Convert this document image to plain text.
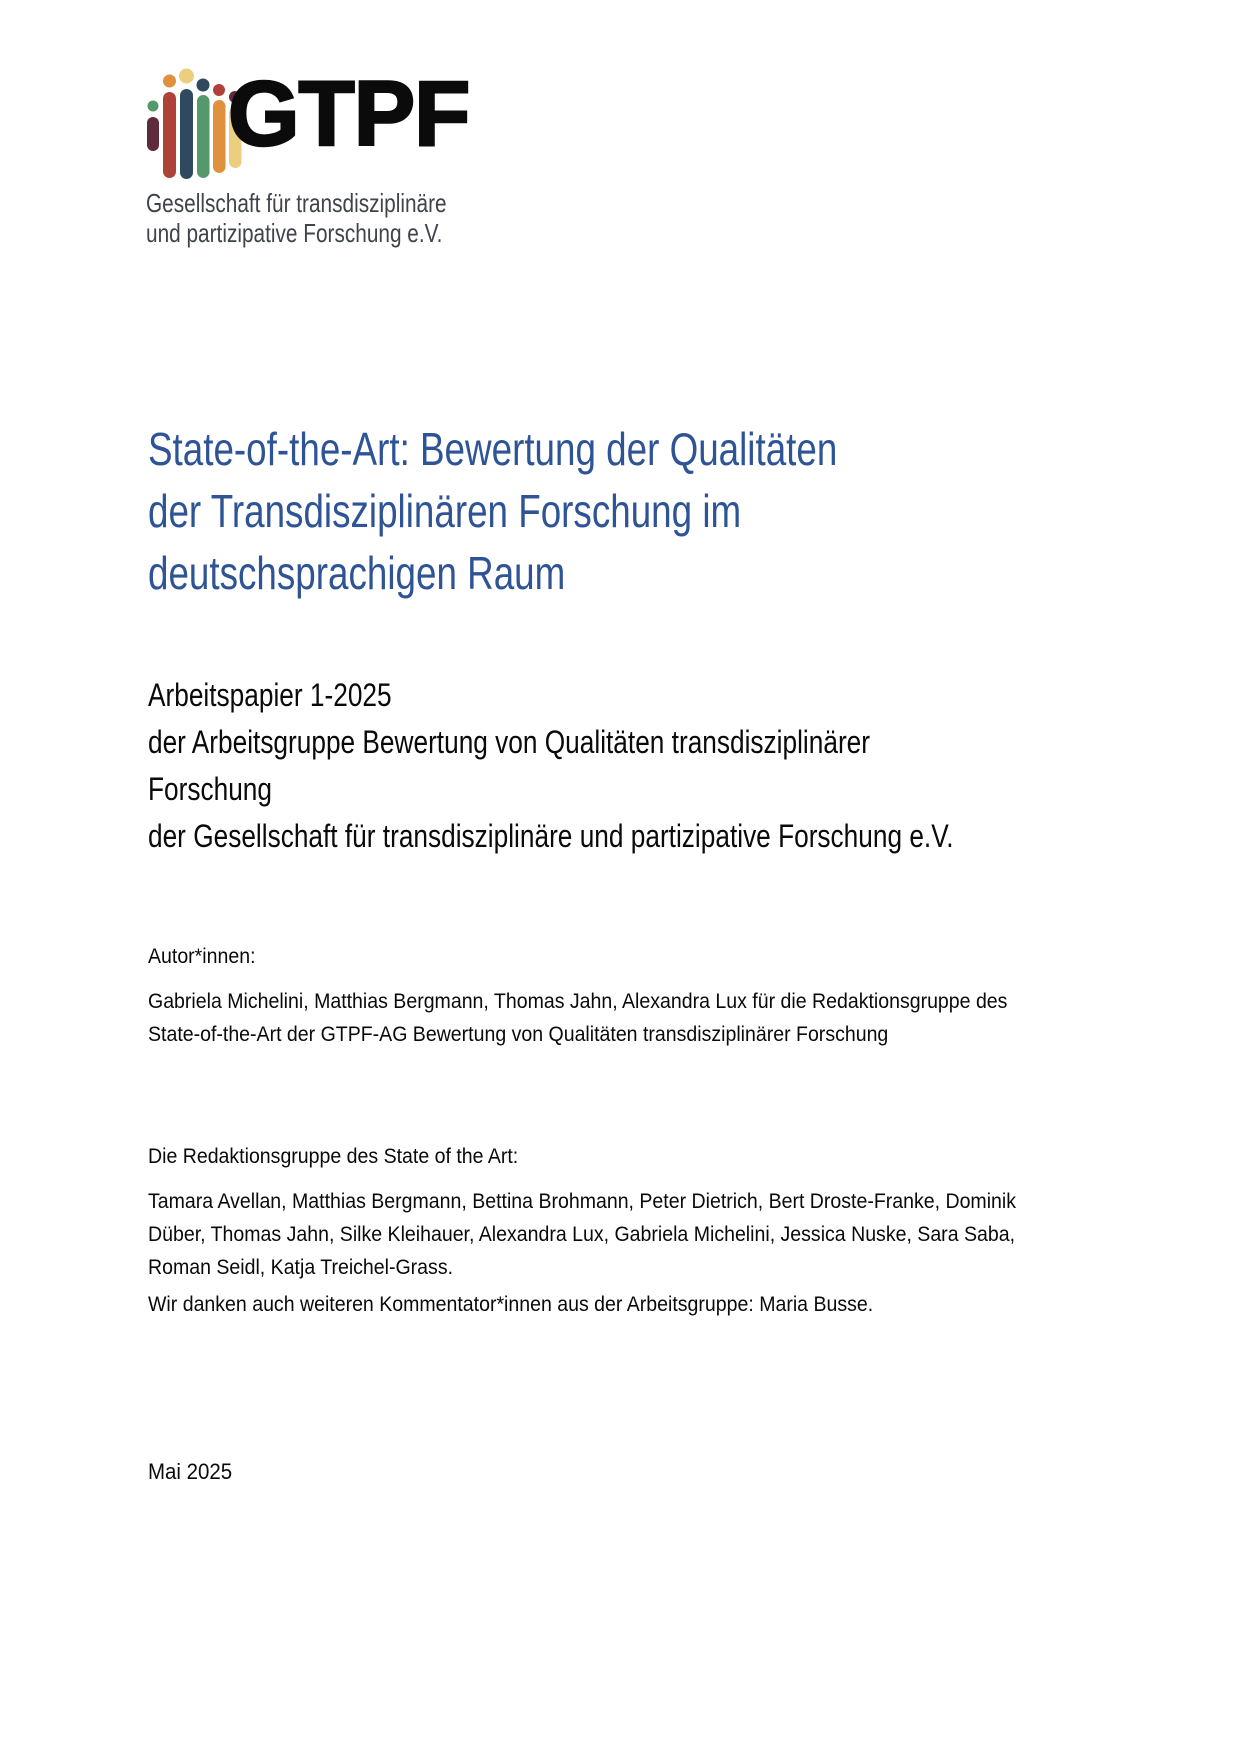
GTPF
Gesellschaft für transdisziplinäre
und partizipative Forschung e.V.
State-of-the-Art: Bewertung der Qualitäten
der Transdisziplinären Forschung im
deutschsprachigen Raum
Arbeitspapier 1-2025
der Arbeitsgruppe Bewertung von Qualitäten transdisziplinärer
Forschung
der Gesellschaft für transdisziplinäre und partizipative Forschung e.V.
Autor*innen:
Gabriela Michelini, Matthias Bergmann, Thomas Jahn, Alexandra Lux für die Redaktionsgruppe des
State-of-the-Art der GTPF-AG Bewertung von Qualitäten transdisziplinärer Forschung
Die Redaktionsgruppe des State of the Art:
Tamara Avellan, Matthias Bergmann, Bettina Brohmann, Peter Dietrich, Bert Droste-Franke, Dominik
Düber, Thomas Jahn, Silke Kleihauer, Alexandra Lux, Gabriela Michelini, Jessica Nuske, Sara Saba,
Roman Seidl, Katja Treichel-Grass.
Wir danken auch weiteren Kommentator*innen aus der Arbeitsgruppe: Maria Busse.
Mai 2025
